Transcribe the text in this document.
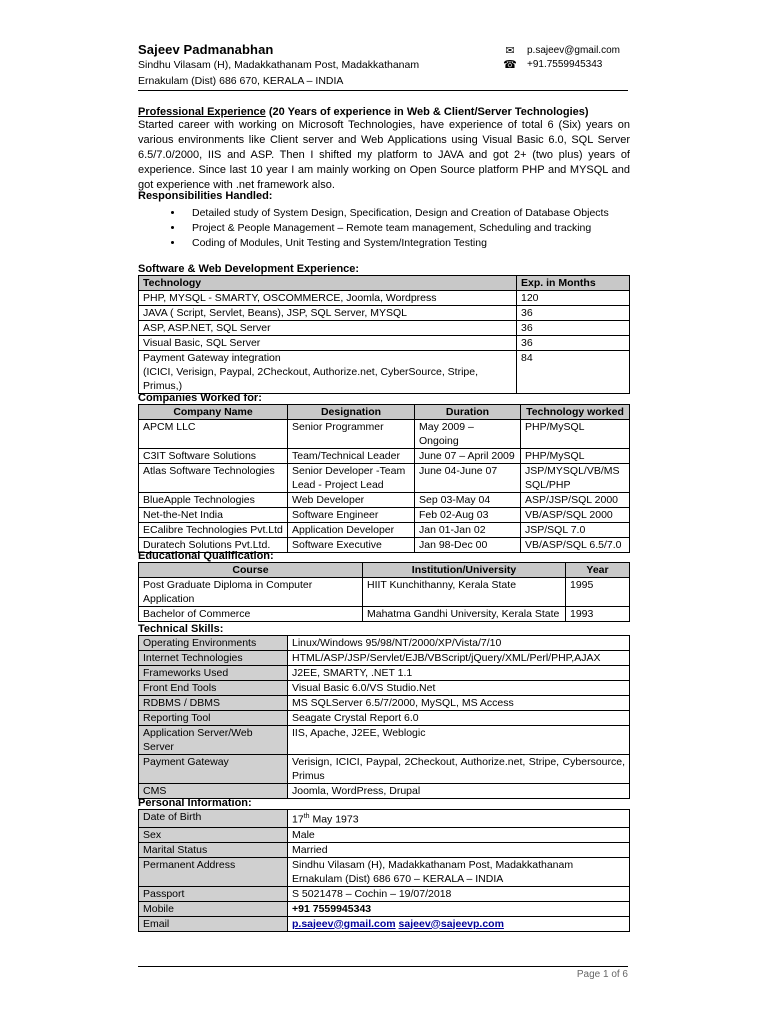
Sajeev Padmanabhan
Sindhu Vilasam (H), Madakkathanam Post, Madakkathanam
Ernakulam (Dist) 686 670, KERALA – INDIA
✉ p.sajeev@gmail.com
☎ +91.7559945343
Professional Experience (20 Years of experience in Web & Client/Server Technologies)
Started career with working on Microsoft Technologies, have experience of total 6 (Six) years on various environments like Client server and Web Applications using Visual Basic 6.0, SQL Server 6.5/7.0/2000, IIS and ASP. Then I shifted my platform to JAVA and got 2+ (two plus) years of experience. Since last 10 year I am mainly working on Open Source platform PHP and MYSQL and got experience with .net framework also.
Responsibilities Handled:
• Detailed study of System Design, Specification, Design and Creation of Database Objects
• Project & People Management – Remote team management, Scheduling and tracking
• Coding of Modules, Unit Testing and System/Integration Testing
Software & Web Development Experience:
Technology	Exp. in Months
PHP, MYSQL - SMARTY, OSCOMMERCE, Joomla, Wordpress	120
JAVA ( Script, Servlet, Beans), JSP, SQL Server, MYSQL	36
ASP, ASP.NET, SQL Server	36
Visual Basic, SQL Server	36

Payment Gateway integration
(ICICI, Verisign, Paypal, 2Checkout, Authorize.net, CyberSource, Stripe, Primus,)	84
Companies Worked for:
Company Name	Designation	Duration	Technology worked
APCM LLC	Senior Programmer	May 2009 – Ongoing	PHP/MySQL
C3IT Software Solutions	Team/Technical Leader	June 07 – April 2009	PHP/MySQL
Atlas Software Technologies	Senior Developer -Team Lead - Project Lead	June 04-June 07	JSP/MYSQL/VB/MS SQL/PHP
BlueApple Technologies	Web Developer	Sep 03-May 04	ASP/JSP/SQL 2000
Net-the-Net India	Software Engineer	Feb 02-Aug 03	VB/ASP/SQL 2000
ECalibre Technologies Pvt.Ltd	Application Developer	Jan 01-Jan 02	JSP/SQL 7.0
Duratech Solutions Pvt.Ltd.	Software Executive	Jan 98-Dec 00	VB/ASP/SQL 6.5/7.0
Educational Qualification:
Course	Institution/University	Year
Post Graduate Diploma in Computer Application	HIIT Kunchithanny, Kerala State	1995
Bachelor of Commerce	Mahatma Gandhi University, Kerala State	1993
Technical Skills:
Operating Environments	Linux/Windows 95/98/NT/2000/XP/Vista/7/10
Internet Technologies	HTML/ASP/JSP/Servlet/EJB/VBScript/jQuery/XML/Perl/PHP,AJAX
Frameworks Used	J2EE, SMARTY, .NET 1.1
Front End Tools	Visual Basic 6.0/VS Studio.Net
RDBMS / DBMS	MS SQLServer 6.5/7/2000, MySQL, MS Access
Reporting Tool	Seagate Crystal Report 6.0
Application Server/Web Server	IIS, Apache, J2EE, Weblogic
Payment Gateway	Verisign, ICICI, Paypal, 2Checkout, Authorize.net, Stripe, Cybersource, Primus
CMS	Joomla, WordPress, Drupal
Personal Information:
Date of Birth	17th May 1973
Sex	Male
Marital Status	Married
Permanent Address	Sindhu Vilasam (H), Madakkathanam Post, Madakkathanam
Ernakulam (Dist) 686 670 – KERALA – INDIA

Passport	S 5021478 – Cochin – 19/07/2018
Mobile	+91 7559945343
Email	p.sajeev@gmail.com sajeev@sajeevp.com
Page 1 of 6
